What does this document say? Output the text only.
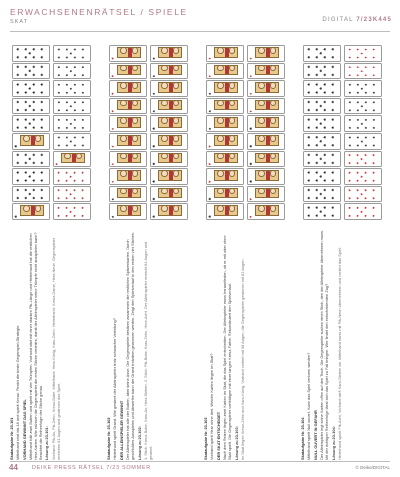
ERWACHSENENRÄTSEL / SPIELE
SKAT	DIGITAL 7/23K445

Skataufgabe Nr. 23-101 Mittelhand reizt bis 18 und spielt Kreuz. Findet die beste Gegenspiel-Strategie. VORHAND GEWINNT DAS SPIEL Mittelhand hält zwei Buben und spielt mit vier Trümpfen. Vorhand sitzt mit einer starken Pik-Länge und Hinterhand hat die restlichen Herz-Karten. Wie müssen die Gegenspieler die ersten Stiche verteilen, damit der Alleinspieler seine Trümpfe nicht ausspielen kann? Beachtet die Reihenfolge der Stiche genau. Lösung zu 23-101: Vorhand: Pik-As, Pik-Zehn, Kreuz-Bube. Mittelhand: Herz-König, Karo-Zehn. Hinterhand: Kreuz-Dame, Herz-Neun. Gegenspieler erreichen 61 Augen und gewinnen das Spiel.

♣
♣
♣
♣
♣
♣
♣
♣
♣
♣
♣
♣
♣
♣
♣
♣
♣
♣
♣
♣
♣
♣
♣
♣
♣
♣
♣
♣
♣
♣
♣
♣
♣
♣
♣
♣
♣
♣
♣
♣
♣
♣
♣
♣
♣
♣
♣
♣
♣
♣
♣
♣
♣
♣
♣
♣
♣
♣
♣
♣
♣
♣
♣
♣
♣
♣
♣
♣
♣
♣
♣
♣
♣
♣
♥
♥
♥
♥
♥
♥
♥
♥
♥
♥
♥
♥
♥
♥
♥
♥
♥
♥
♥
♥
♥
♥
♥
♥
♥
♥
♥
♥
♠
♠
♠
♠
♠
♠
♠
♠
♠
♠
♠
♠
♠
♠
♠
♠
♠
♠
♠
♠
♠
♠
♠
♠
♠
♠
♠
♠
♠
♠
♠
♠
♠
♠
♠
♠
♠
♠
♠
♠
♠
♠
♠
♠
♠
♠
♠
♠
♠
♠
♠
♠
♠
♠

Skataufgabe Nr. 23-102 Hinterhand spielt Grand. Wie gewinnt der Alleinspieler trotz schwacher Verteilung? DER ALLEINSPIELER GEWINNT Der Alleinspieler hat alle vier Buben, aber keine Asse. Die Gegenspieler besitzen zusammen die restlichen Spitzenkarten. Durch geschicktes Ausspielen und Abwerfen kann der Grand trotzdem gewonnen werden. Zeigt den Spielverlauf in den ersten vier Stichen. Lösung zu 23-102: 1. Stich: Kreuz-Bube, Karo-As, Herz-Sieben. 2. Stich: Pik-Bube, Karo-Zehn, Herz-Acht. Der Alleinspieler erreicht 64 Augen und gewinnt.

♠
♠
♦
♦
♦
♦
♥
♥
♥
♥
♣
♣
♣
♣
♣
♣
♠
♠
♠
♠

Skataufgabe Nr. 23-103 Vorhand spielt Herz ohne drei. Welche Karten liegen im Skat? DER SKAT ENTSCHEIDET Nach dem Reizen liegen zwei Karten im Skat, die das Spiel entscheiden. Der Alleinspieler muss herausfinden, ob er mit oder ohne Skat spielt. Die Gegenspieler verteidigen mit einer langen Kreuz-Farbe. Rekonstruiert den Spielverlauf. Lösung zu 23-103: Im Skat liegen Kreuz-Zehn und Karo-König. Vorhand verliert mit 58 Augen, die Gegenspieler gewinnen mit 62 Augen.

♣
♣
♥
♥
♥
♠
♠
♠
♦
♦
♥
♥
♣
♣
♣
♣
♦
♦
♦
♦

Skataufgabe Nr. 23-104 Mittelhand spielt Null ouvert. Kann das Spiel verloren werden? NULL OUVERT IN GEFAHR Der Alleinspieler legt seine Karten offen auf den Tisch. Die Gegenspieler suchen einen Stich, den der Alleinspieler übernehmen muss. Mit der richtigen Reihenfolge lässt sich das Spiel zu Fall bringen. Wer findet den entscheidenden Zug? Lösung zu 23-104: Hinterhand spielt Pik-Acht, Vorhand wirft Karo-Sieben ab. Mittelhand muss mit Pik-Neun übernehmen und verliert das Spiel.

♣
♣
♣
♣
♣
♣
♣
♣
♣
♣
♣
♣
♣
♣
♣
♣
♣
♣
♣
♣
♣
♣
♣
♣
♣
♣
♣
♣
♣
♣
♣
♣
♣
♣
♣
♣
♣
♣
♣
♣
♣
♣
♣
♣
♣
♣
♣
♣
♣
♣
♣
♣
♣
♣
♣
♣
♣
♣
♣
♣
♣
♣
♣
♣
♣
♣
♣
♣
♣
♣
♣
♣
♣
♣
♣
♣
♣
♣
♣
♣
♣
♣
♣
♣
♣
♣
♣
♣
♣
♣
♥
♥
♥
♥
♥
♥
♥
♥
♥
♥
♥
♥
♥
♥
♥
♥
♥
♥
♥
♥
♥
♥
♥
♥
♥
♥
♥
♥
♥
♥
♥
♥
♥
♥
♥
♥
♠
♠
♠
♠
♠
♠
♠
♠
♠
♠
♠
♠
♠
♠
♠
♠
♠
♠
♠
♠
♠
♠
♠
♠
♠
♠
♠
♠
♠
♠
♠
♠
♠
♠
♠
♠
♦
♦
♦
♦
♦
♦
♦
♦
♦
♦
♦
♦
♦
♦
♦
♦
♦
♦
44	DEIKE PRESS RÄTSEL 7/23 SOMMER	© Deike/DIGITAL
